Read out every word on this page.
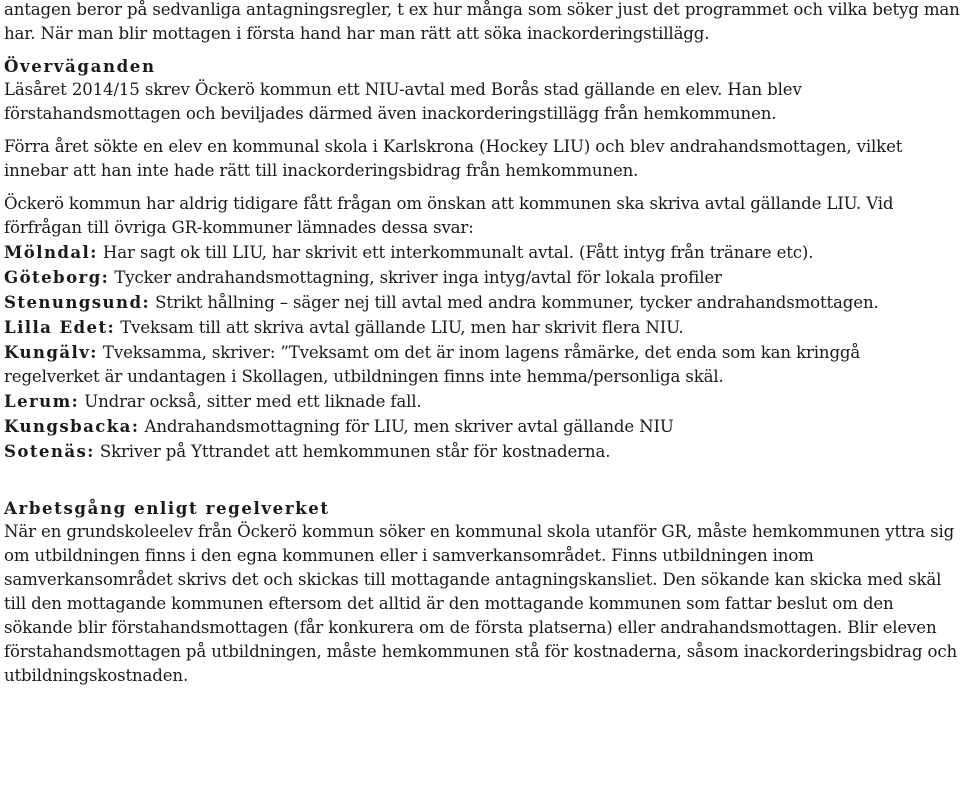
antagen beror på sedvanliga antagningsregler, t ex hur många som söker just det programmet och vilka betyg man har. När man blir mottagen i första hand har man rätt att söka inackorderingstillägg.

Överväganden

Läsåret 2014/15 skrev Öckerö kommun ett NIU-avtal med Borås stad gällande en elev. Han blev förstahandsmottagen och beviljades därmed även inackorderingstillägg från hemkommunen.

Förra året sökte en elev en kommunal skola i Karlskrona (Hockey LIU) och blev andrahandsmottagen, vilket innebar att han inte hade rätt till inackorderingsbidrag från hemkommunen.

Öckerö kommun har aldrig tidigare fått frågan om önskan att kommunen ska skriva avtal gällande LIU. Vid förfrågan till övriga GR-kommuner lämnades dessa svar:

Mölndal: Har sagt ok till LIU, har skrivit ett interkommunalt avtal. (Fått intyg från tränare etc).

Göteborg: Tycker andrahandsmottagning, skriver inga intyg/avtal för lokala profiler

Stenungsund: Strikt hållning – säger nej till avtal med andra kommuner, tycker andrahandsmottagen.

Lilla Edet: Tveksam till att skriva avtal gällande LIU, men har skrivit flera NIU.

Kungälv: Tveksamma, skriver: ”Tveksamt om det är inom lagens råmärke, det enda som kan kringgå regelverket är undantagen i Skollagen, utbildningen finns inte hemma/personliga skäl.

Lerum: Undrar också, sitter med ett liknade fall.

Kungsbacka: Andrahandsmottagning för LIU, men skriver avtal gällande NIU

Sotenäs: Skriver på Yttrandet att hemkommunen står för kostnaderna.

Arbetsgång enligt regelverket

När en grundskoleelev från Öckerö kommun söker en kommunal skola utanför GR, måste hemkommunen yttra sig om utbildningen finns i den egna kommunen eller i samverkansområdet. Finns utbildningen inom samverkansområdet skrivs det och skickas till mottagande antagningskansliet. Den sökande kan skicka med skäl till den mottagande kommunen eftersom det alltid är den mottagande kommunen som fattar beslut om den sökande blir förstahandsmottagen (får konkurera om de första platserna) eller andrahandsmottagen. Blir eleven förstahandsmottagen på utbildningen, måste hemkommunen stå för kostnaderna, såsom inackorderingsbidrag och utbildningskostnaden.
